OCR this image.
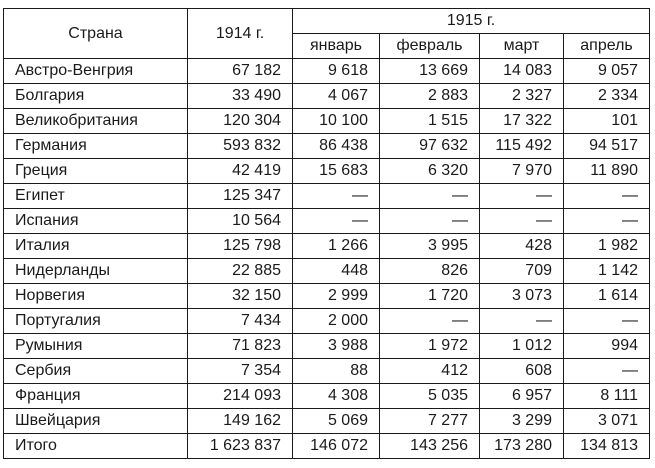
Страна	1914 г.	1915 г.			
		январь	февраль	март	апрель
Австро-Венгрия	67 182	9 618	13 669	14 083	9 057
Болгария	33 490	4 067	2 883	2 327	2 334
Великобритания	120 304	10 100	1 515	17 322	101
Германия	593 832	86 438	97 632	115 492	94 517
Греция	42 419	15 683	6 320	7 970	11 890
Египет	125 347	—	—	—	—
Испания	10 564	—	—	—	—
Италия	125 798	1 266	3 995	428	1 982
Нидерланды	22 885	448	826	709	1 142
Норвегия	32 150	2 999	1 720	3 073	1 614
Португалия	7 434	2 000	—	—	—
Румыния	71 823	3 988	1 972	1 012	994
Сербия	7 354	88	412	608	—
Франция	214 093	4 308	5 035	6 957	8 111
Швейцария	149 162	5 069	7 277	3 299	3 071
Итого	1 623 837	146 072	143 256	173 280	134 813
